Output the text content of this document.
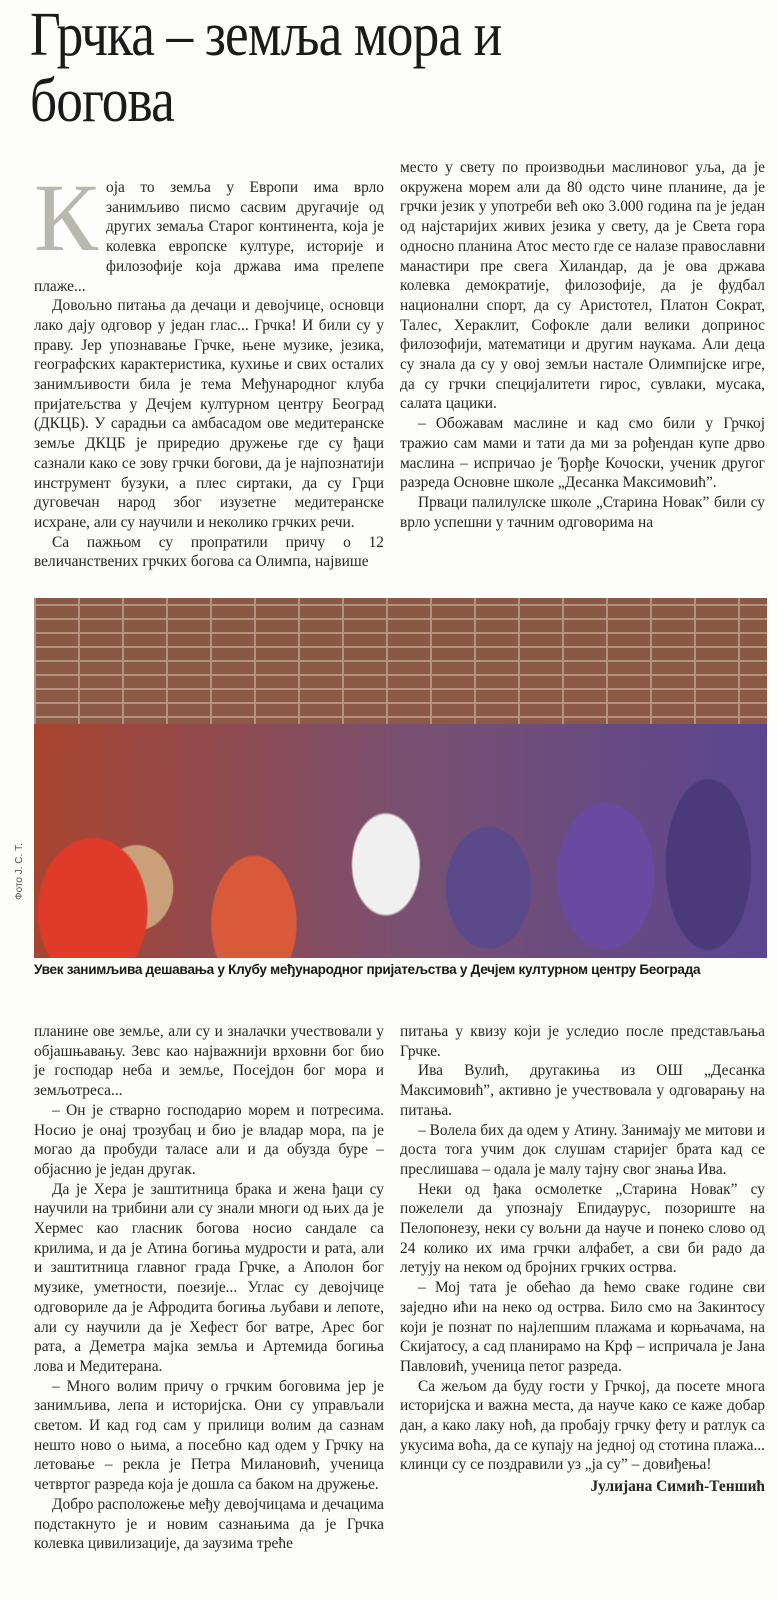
Грчка – земља мора и богова

Која то земља у Европи има врло занимљиво писмо сасвим другачије од других земаља Старог континента, која је колевка европске културе, историје и филозофије која држава има прелепе плаже...

Довољно питања да дечаци и девојчице, основци лако дају одговор у један глас... Грчка! И били су у праву. Јер упознавање Грчке, њене музике, језика, географских карактеристика, кухиње и свих осталих занимљивости била је тема Међународног клуба пријатељства у Дечјем културном центру Београд (ДКЦБ). У сарадњи са амбасадом ове медитеранске земље ДКЦБ је приредио дружење где су ђаци сазнали како се зову грчки богови, да је најпознатији инструмент бузуки, а плес сиртаки, да су Грци дуговечан народ због изузетне медитеранске исхране, али су научили и неколико грчких речи.

Са пажњом су пропратили причу о 12 величанствених грчких богова са Олимпа, највише

место у свету по производњи маслиновог уља, да је окружена морем али да 80 одсто чине планине, да је грчки језик у употреби већ око 3.000 година па је један од најстаријих живих језика у свету, да је Света гора односно планина Атос место где се налазе православни манастири пре свега Хиландар, да је ова држава колевка демократије, филозофије, да је фудбал национални спорт, да су Аристотел, Платон Сократ, Талес, Хераклит, Софокле дали велики допринос филозофији, математици и другим наукама. Али деца су знала да су у овој земљи настале Олимпијске игре, да су грчки специјалитети гирос, сувлаки, мусака, салата цацики.

– Обожавам маслине и кад смо били у Грчкој тражио сам мами и тати да ми за рођендан купе дрво маслина – испричао је Ђорђе Кочоски, ученик другог разреда Основне школе „Десанка Максимовић”.

Прваци палилулске школе „Старина Новак” били су врло успешни у тачним одговорима на

Фото Ј. С. Т.
Увек занимљива дешавања у Клубу међународног пријатељства у Дечјем културном центру Београда

планине ове земље, али су и зналачки учествовали у објашњавању. Зевс као најважнији врховни бог био је господар неба и земље, Посејдон бог мора и земљотреса...

– Он је стварно господарио морем и потресима. Носио је онај трозубац и био је владар мора, па је могао да пробуди таласе али и да обузда буре – објаснио је један другак.

Да је Хера је заштитница брака и жена ђаци су научили на трибини али су знали многи од њих да је Хермес као гласник богова носио сандале са крилима, и да је Атина богиња мудрости и рата, али и заштитница главног града Грчке, а Аполон бог музике, уметности, поезије... Углас су девојчице одговориле да је Афродита богиња љубави и лепоте, али су научили да је Хефест бог ватре, Арес бог рата, а Деметра мајка земља и Артемида богиња лова и Медитерана.

– Много волим причу о грчким боговима јер је занимљива, лепа и историјска. Они су управљали светом. И кад год сам у прилици волим да сазнам нешто ново о њима, а посебно кад одем у Грчку на летовање – рекла је Петра Милановић, ученица четвртог разреда која је дошла са баком на дружење.

Добро расположење међу девојчицама и дечацима подстакнуто је и новим сазнањима да је Грчка колевка цивилизације, да заузима треће

питања у квизу који је уследио после представљања Грчке.

Ива Вулић, другакиња из ОШ „Десанка Максимовић”, активно је учествовала у одговарању на питања.

– Волела бих да одем у Атину. Занимају ме митови и доста тога учим док слушам старијег брата кад се преслишава – одала је малу тајну свог знања Ива.

Неки од ђака осмолетке „Старина Новак” су пожелели да упознају Епидаурус, позориште на Пелопонезу, неки су вољни да науче и понеко слово од 24 колико их има грчки алфабет, а сви би радо да летују на неком од бројних грчких острва.

– Мој тата је обећао да ћемо сваке године сви заједно ићи на неко од острва. Било смо на Закинтосу који је познат по најлепшим плажама и корњачама, на Скијатосу, а сад планирамо на Крф – испричала је Јана Павловић, ученица петог разреда.

Са жељом да буду гости у Грчкој, да посете многа историјска и важна места, да науче како се каже добар дан, а како лаку ноћ, да пробају грчку фету и ратлук са укусима воћа, да се купају на једној од стотина плажа... клинци су се поздравили уз „ја су” – довиђења!

Јулијана Симић-Теншић
